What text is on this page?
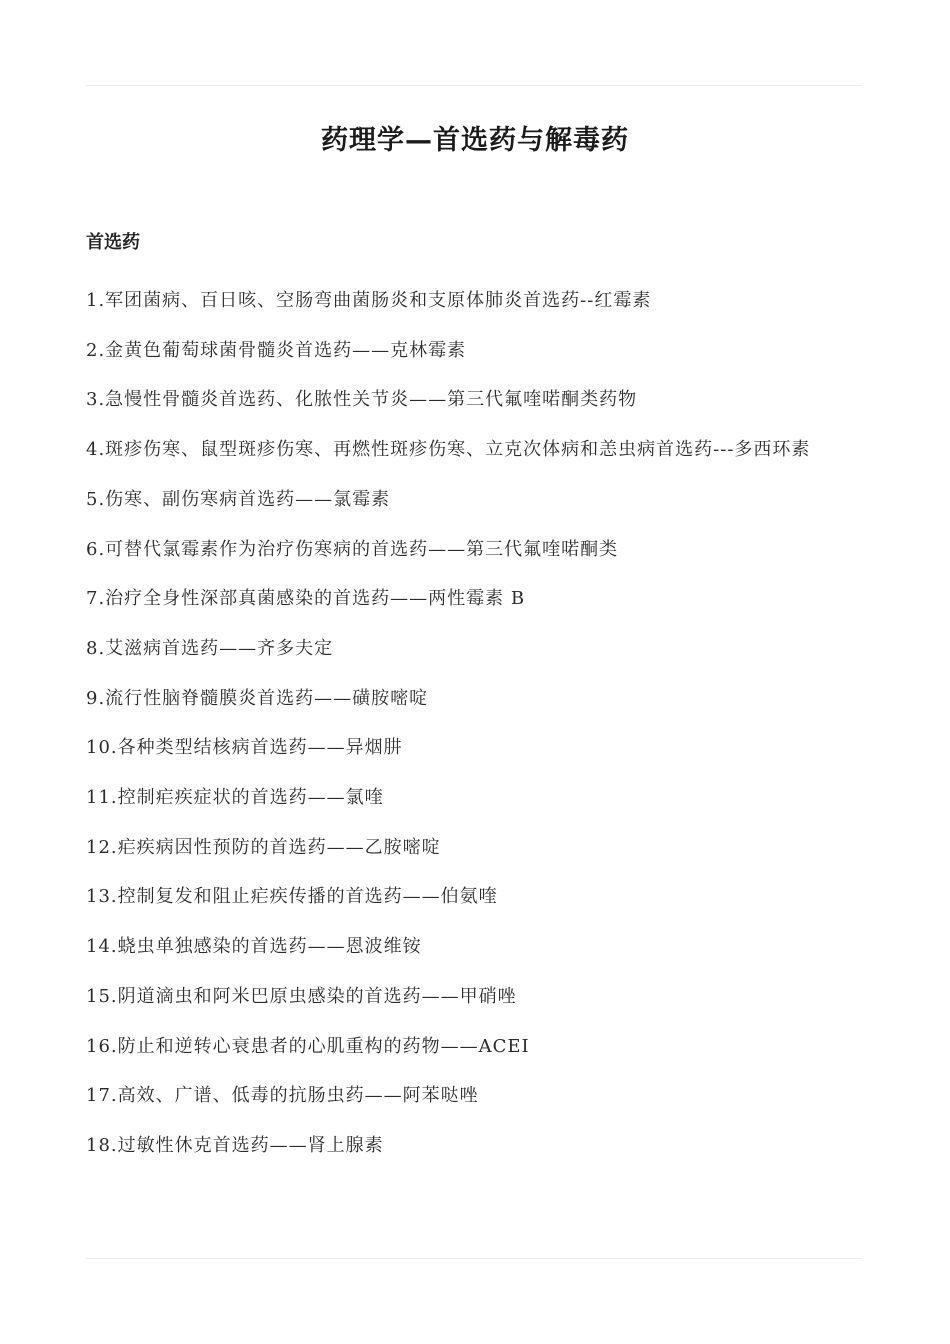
药理学—首选药与解毒药
首选药
1.军团菌病、百日咳、空肠弯曲菌肠炎和支原体肺炎首选药--红霉素
2.金黄色葡萄球菌骨髓炎首选药——克林霉素
3.急慢性骨髓炎首选药、化脓性关节炎——第三代氟喹喏酮类药物
4.斑疹伤寒、鼠型斑疹伤寒、再燃性斑疹伤寒、立克次体病和恙虫病首选药---多西环素
5.伤寒、副伤寒病首选药——氯霉素
6.可替代氯霉素作为治疗伤寒病的首选药——第三代氟喹喏酮类
7.治疗全身性深部真菌感染的首选药——两性霉素 B
8.艾滋病首选药——齐多夫定
9.流行性脑脊髓膜炎首选药——磺胺嘧啶
10.各种类型结核病首选药——异烟肼
11.控制疟疾症状的首选药——氯喹
12.疟疾病因性预防的首选药——乙胺嘧啶
13.控制复发和阻止疟疾传播的首选药——伯氨喹
14.蛲虫单独感染的首选药——恩波维铵
15.阴道滴虫和阿米巴原虫感染的首选药——甲硝唑
16.防止和逆转心衰患者的心肌重构的药物——ACEI
17.高效、广谱、低毒的抗肠虫药——阿苯哒唑
18.过敏性休克首选药——肾上腺素
